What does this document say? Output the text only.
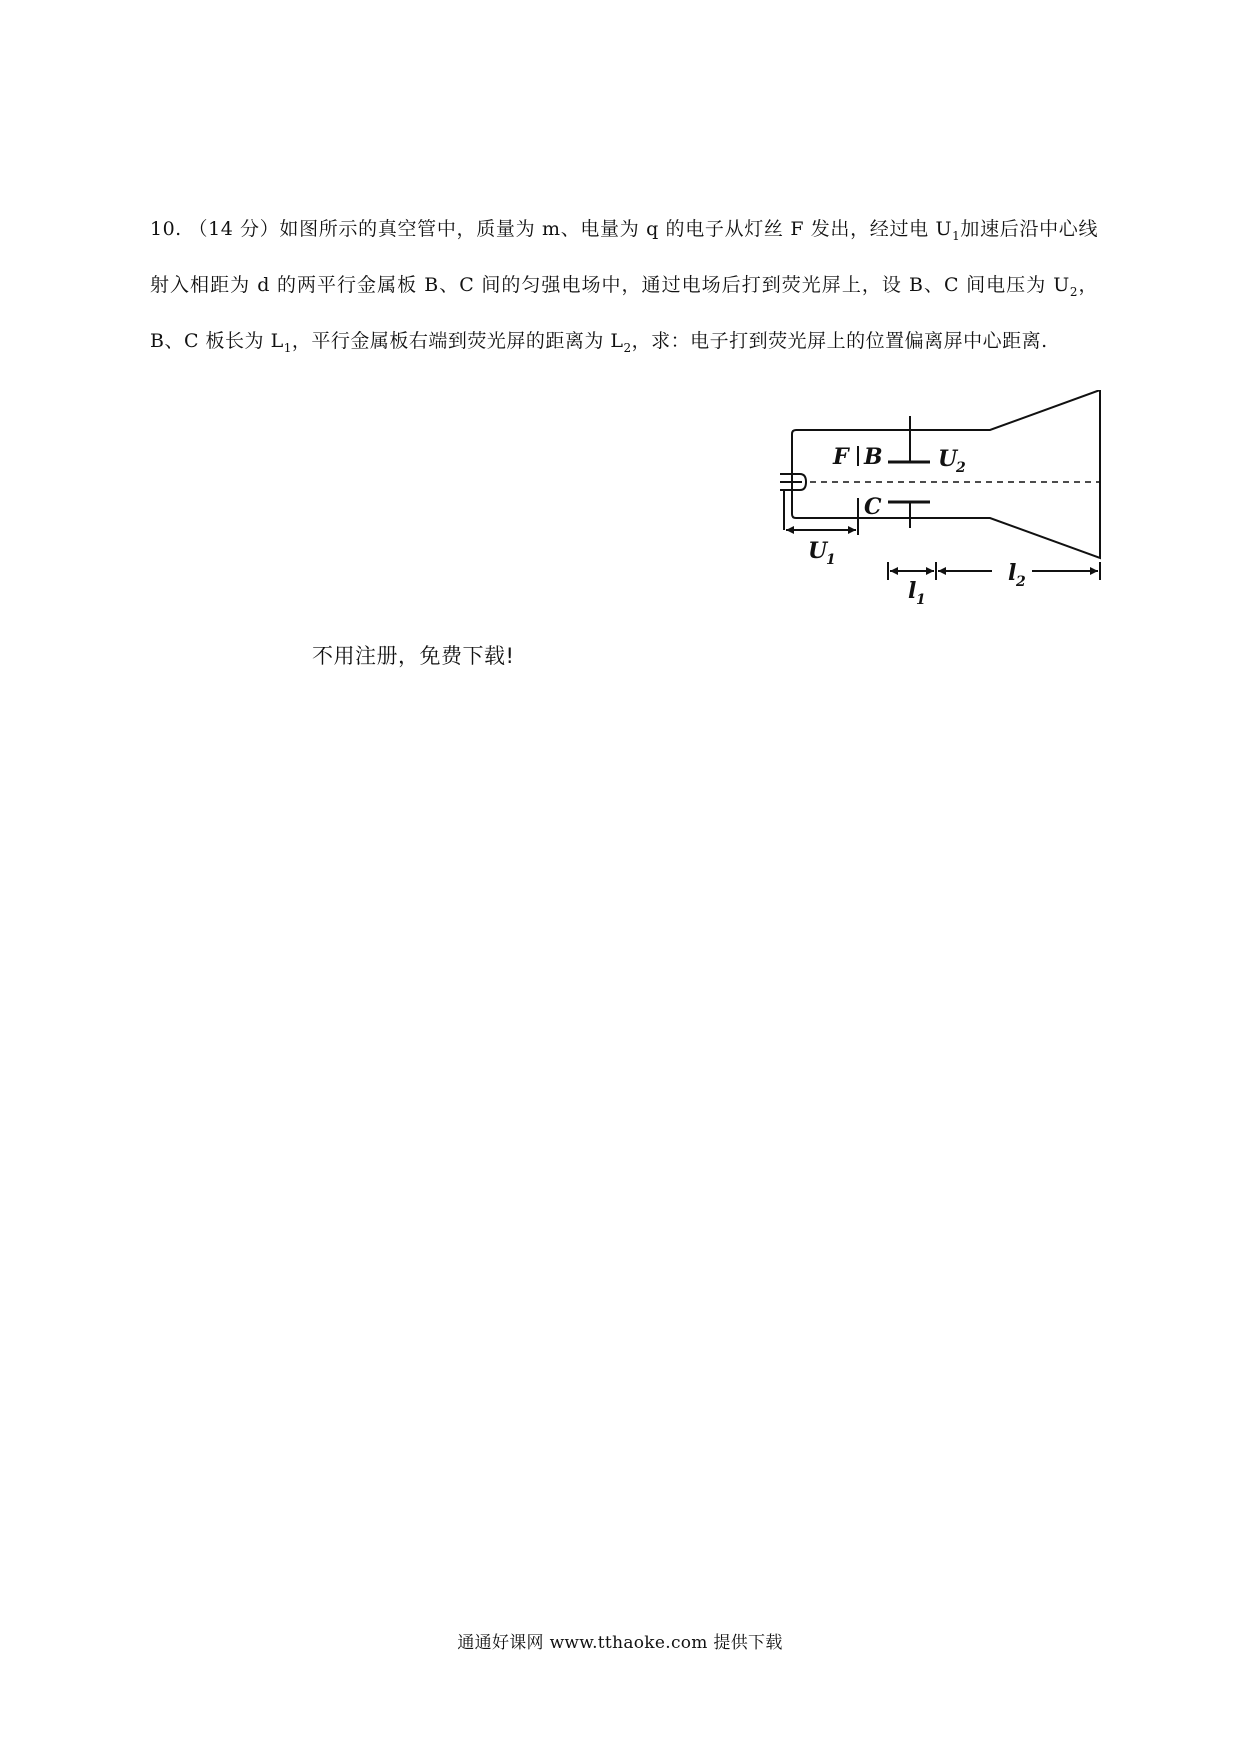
10. （14 分）如图所示的真空管中，质量为 m、电量为 q 的电子从灯丝 F 发出，经过电 $U_1$加速后沿中心线射入相距为 d 的两平行金属板 B、C 间的匀强电场中，通过电场后打到荧光屏上，设 B、C 间电压为 $U_2$，B、C 板长为 $L_1$，平行金属板右端到荧光屏的距离为 $L_2$，求：电子打到荧光屏上的位置偏离屏中心距离.
F B
C
U
2
U
1
l 1
l 2
不用注册，免费下载!
通通好课网 www.tthaoke.com 提供下载
